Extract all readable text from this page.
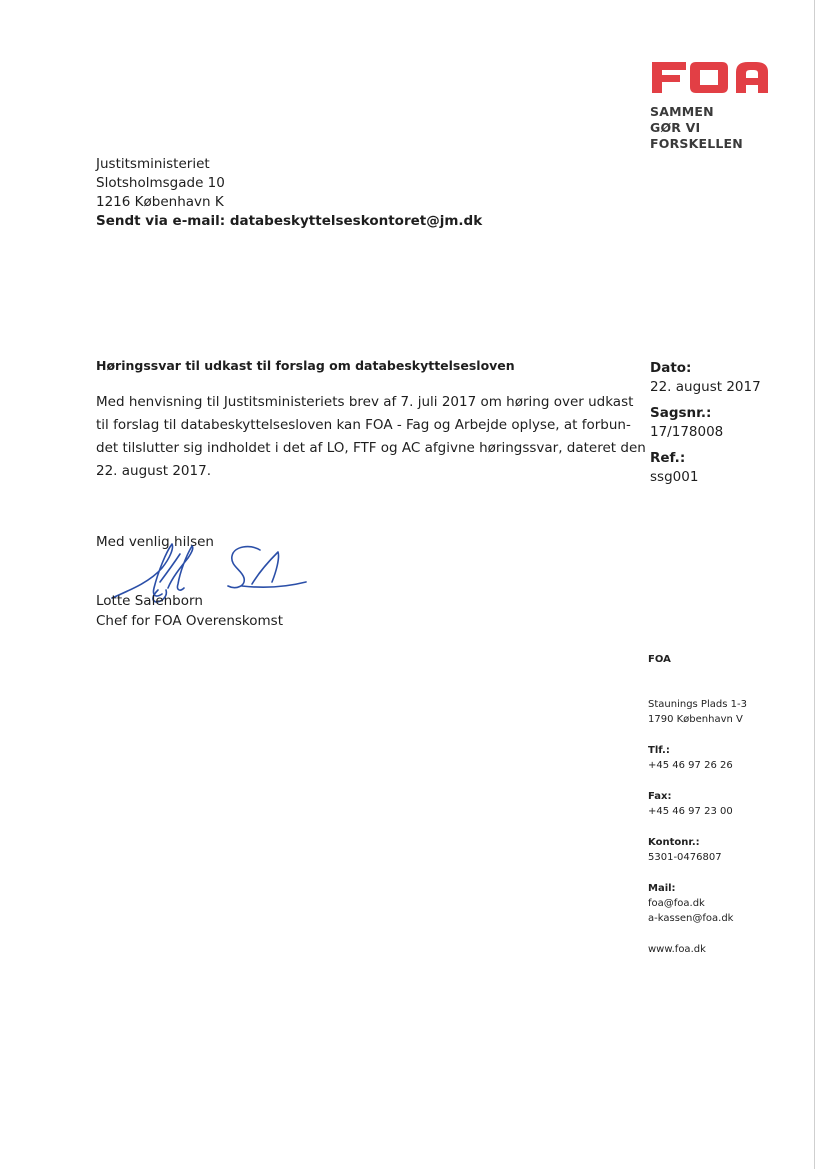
SAMMEN
GØR VI FORSKELLEN
Justitsministeriet
Slotsholmsgade 10
1216 København K
Sendt via e-mail: databeskyttelseskontoret@jm.dk
Høringssvar til udkast til forslag om databeskyttelsesloven
Med henvisning til Justitsministeriets brev af 7. juli 2017 om høring over udkast
til forslag til databeskyttelsesloven kan FOA - Fag og Arbejde oplyse, at forbun-
det tilslutter sig indholdet i det af LO, FTF og AC afgivne høringssvar, dateret den
22. august 2017.
Dato:
22. august 2017
Sagsnr.:
17/178008
Ref.:
ssg001
Med venlig hilsen
Lotte Salenborn
Chef for FOA Overenskomst
FOA
Staunings Plads 1-3
1790 København V
Tlf.:
+45 46 97 26 26
Fax:
+45 46 97 23 00
Kontonr.:
5301-0476807
Mail:
foa@foa.dk
a-kassen@foa.dk
www.foa.dk
